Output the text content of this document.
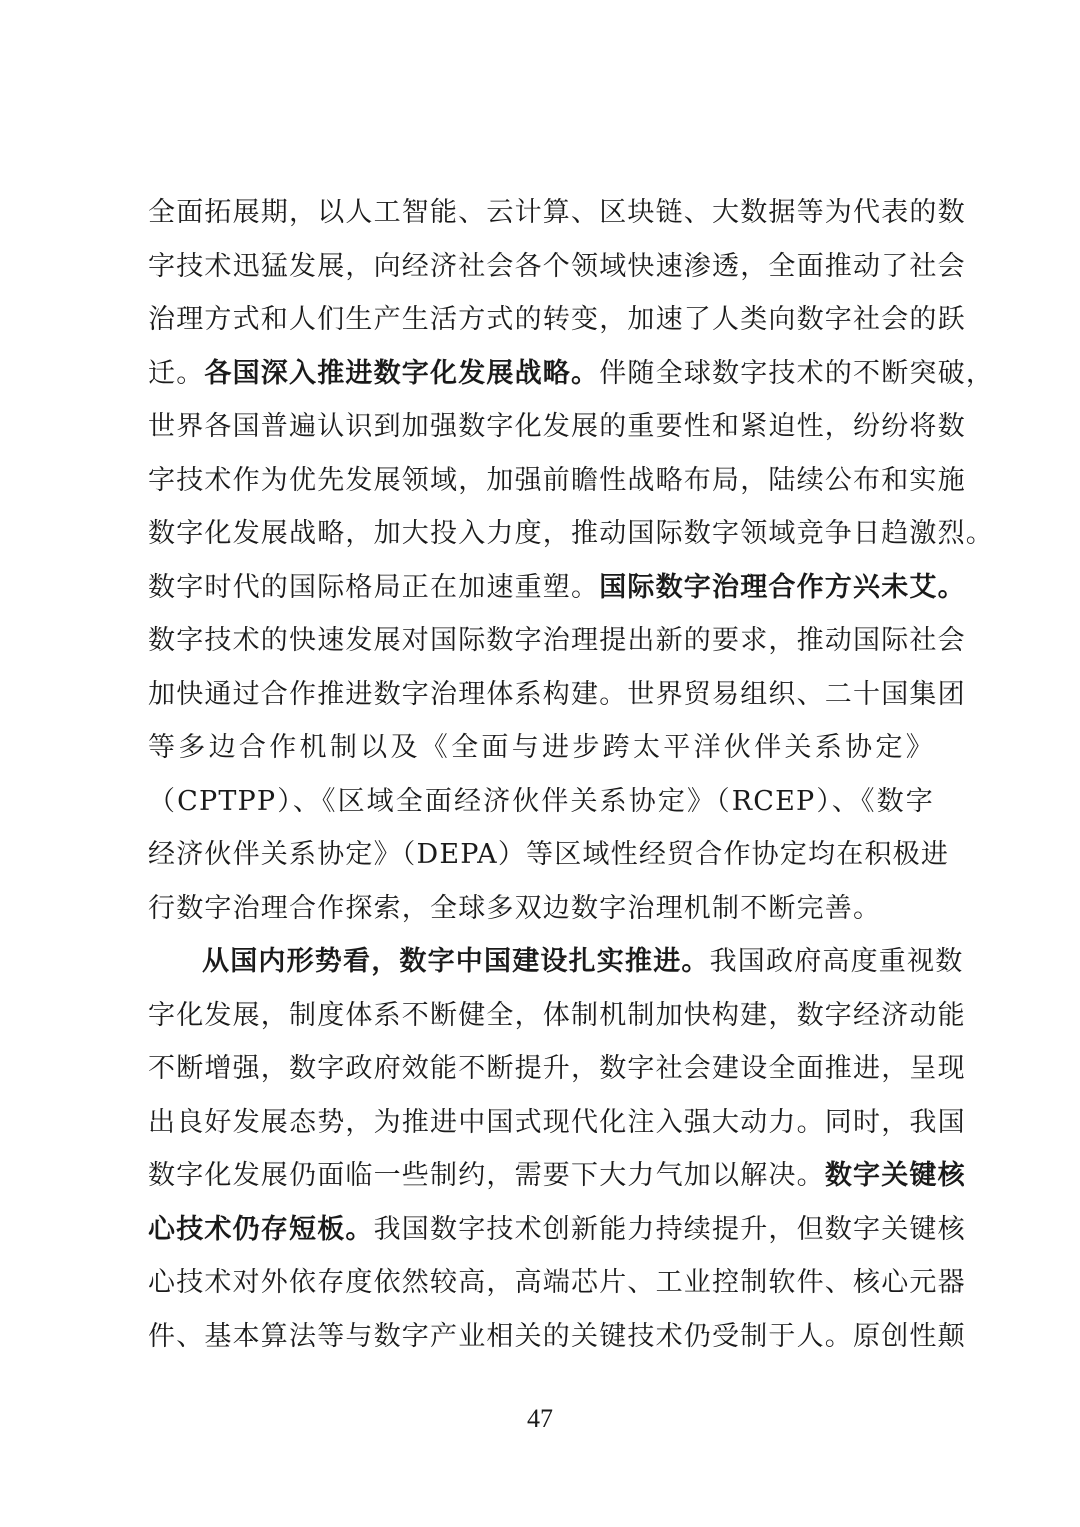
全面拓展期，以人工智能、云计算、区块链、大数据等为代表的数
字技术迅猛发展，向经济社会各个领域快速渗透，全面推动了社会
治理方式和人们生产生活方式的转变，加速了人类向数字社会的跃
迁。各国深入推进数字化发展战略。伴随全球数字技术的不断突破，
世界各国普遍认识到加强数字化发展的重要性和紧迫性，纷纷将数
字技术作为优先发展领域，加强前瞻性战略布局，陆续公布和实施
数字化发展战略，加大投入力度，推动国际数字领域竞争日趋激烈。
数字时代的国际格局正在加速重塑。国际数字治理合作方兴未艾。
数字技术的快速发展对国际数字治理提出新的要求，推动国际社会
加快通过合作推进数字治理体系构建。世界贸易组织、二十国集团
等多边合作机制以及《全面与进步跨太平洋伙伴关系协定》
（CPTPP）、《区域全面经济伙伴关系协定》（RCEP）、《数字
经济伙伴关系协定》（DEPA）等区域性经贸合作协定均在积极进
行数字治理合作探索，全球多双边数字治理机制不断完善。
从国内形势看，数字中国建设扎实推进。我国政府高度重视数
字化发展，制度体系不断健全，体制机制加快构建，数字经济动能
不断增强，数字政府效能不断提升，数字社会建设全面推进，呈现
出良好发展态势，为推进中国式现代化注入强大动力。同时，我国
数字化发展仍面临一些制约，需要下大力气加以解决。数字关键核
心技术仍存短板。我国数字技术创新能力持续提升，但数字关键核
心技术对外依存度依然较高，高端芯片、工业控制软件、核心元器
件、基本算法等与数字产业相关的关键技术仍受制于人。原创性颠
47
